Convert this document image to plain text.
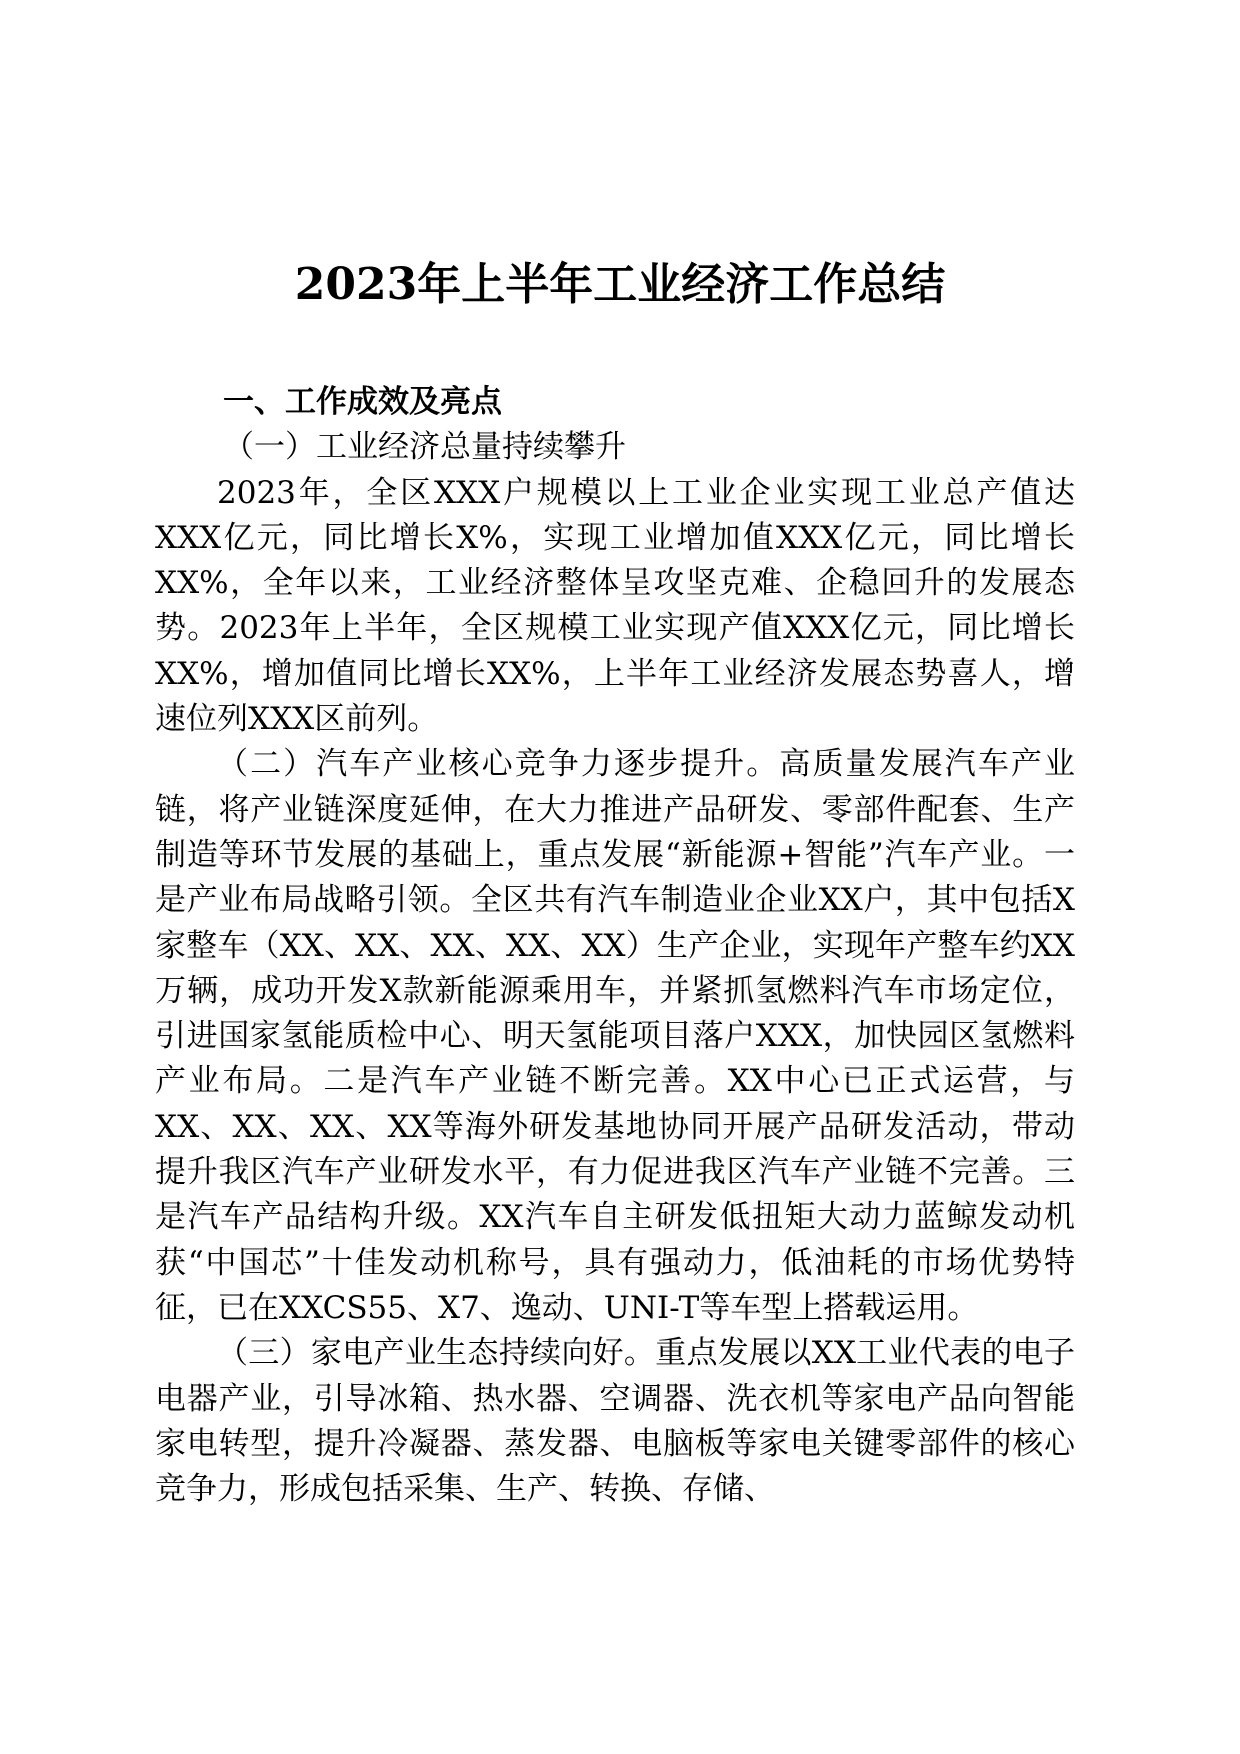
2023年上半年工业经济工作总结

一、工作成效及亮点

（一）工业经济总量持续攀升

2023年，全区XXX户规模以上工业企业实现工业总产值达XXX亿元，同比增长X%，实现工业增加值XXX亿元，同比增长XX%，全年以来，工业经济整体呈攻坚克难、企稳回升的发展态势。2023年上半年，全区规模工业实现产值XXX亿元，同比增长XX%，增加值同比增长XX%，上半年工业经济发展态势喜人，增速位列XXX区前列。

（二）汽车产业核心竞争力逐步提升。高质量发展汽车产业链，将产业链深度延伸，在大力推进产品研发、零部件配套、生产制造等环节发展的基础上，重点发展“新能源+智能”汽车产业。一是产业布局战略引领。全区共有汽车制造业企业XX户，其中包括X家整车（XX、XX、XX、XX、XX）生产企业，实现年产整车约XX万辆，成功开发X款新能源乘用车，并紧抓氢燃料汽车市场定位，引进国家氢能质检中心、明天氢能项目落户XXX，加快园区氢燃料产业布局。二是汽车产业链不断完善。XX中心已正式运营，与XX、XX、XX、XX等海外研发基地协同开展产品研发活动，带动提升我区汽车产业研发水平，有力促进我区汽车产业链不完善。三是汽车产品结构升级。XX汽车自主研发低扭矩大动力蓝鲸发动机获“中国芯”十佳发动机称号，具有强动力，低油耗的市场优势特征，已在XXCS55、X7、逸动、UNI-T等车型上搭载运用。

（三）家电产业生态持续向好。重点发展以XX工业代表的电子电器产业，引导冰箱、热水器、空调器、洗衣机等家电产品向智能家电转型，提升冷凝器、蒸发器、电脑板等家电关键零部件的核心竞争力，形成包括采集、生产、转换、存储、
